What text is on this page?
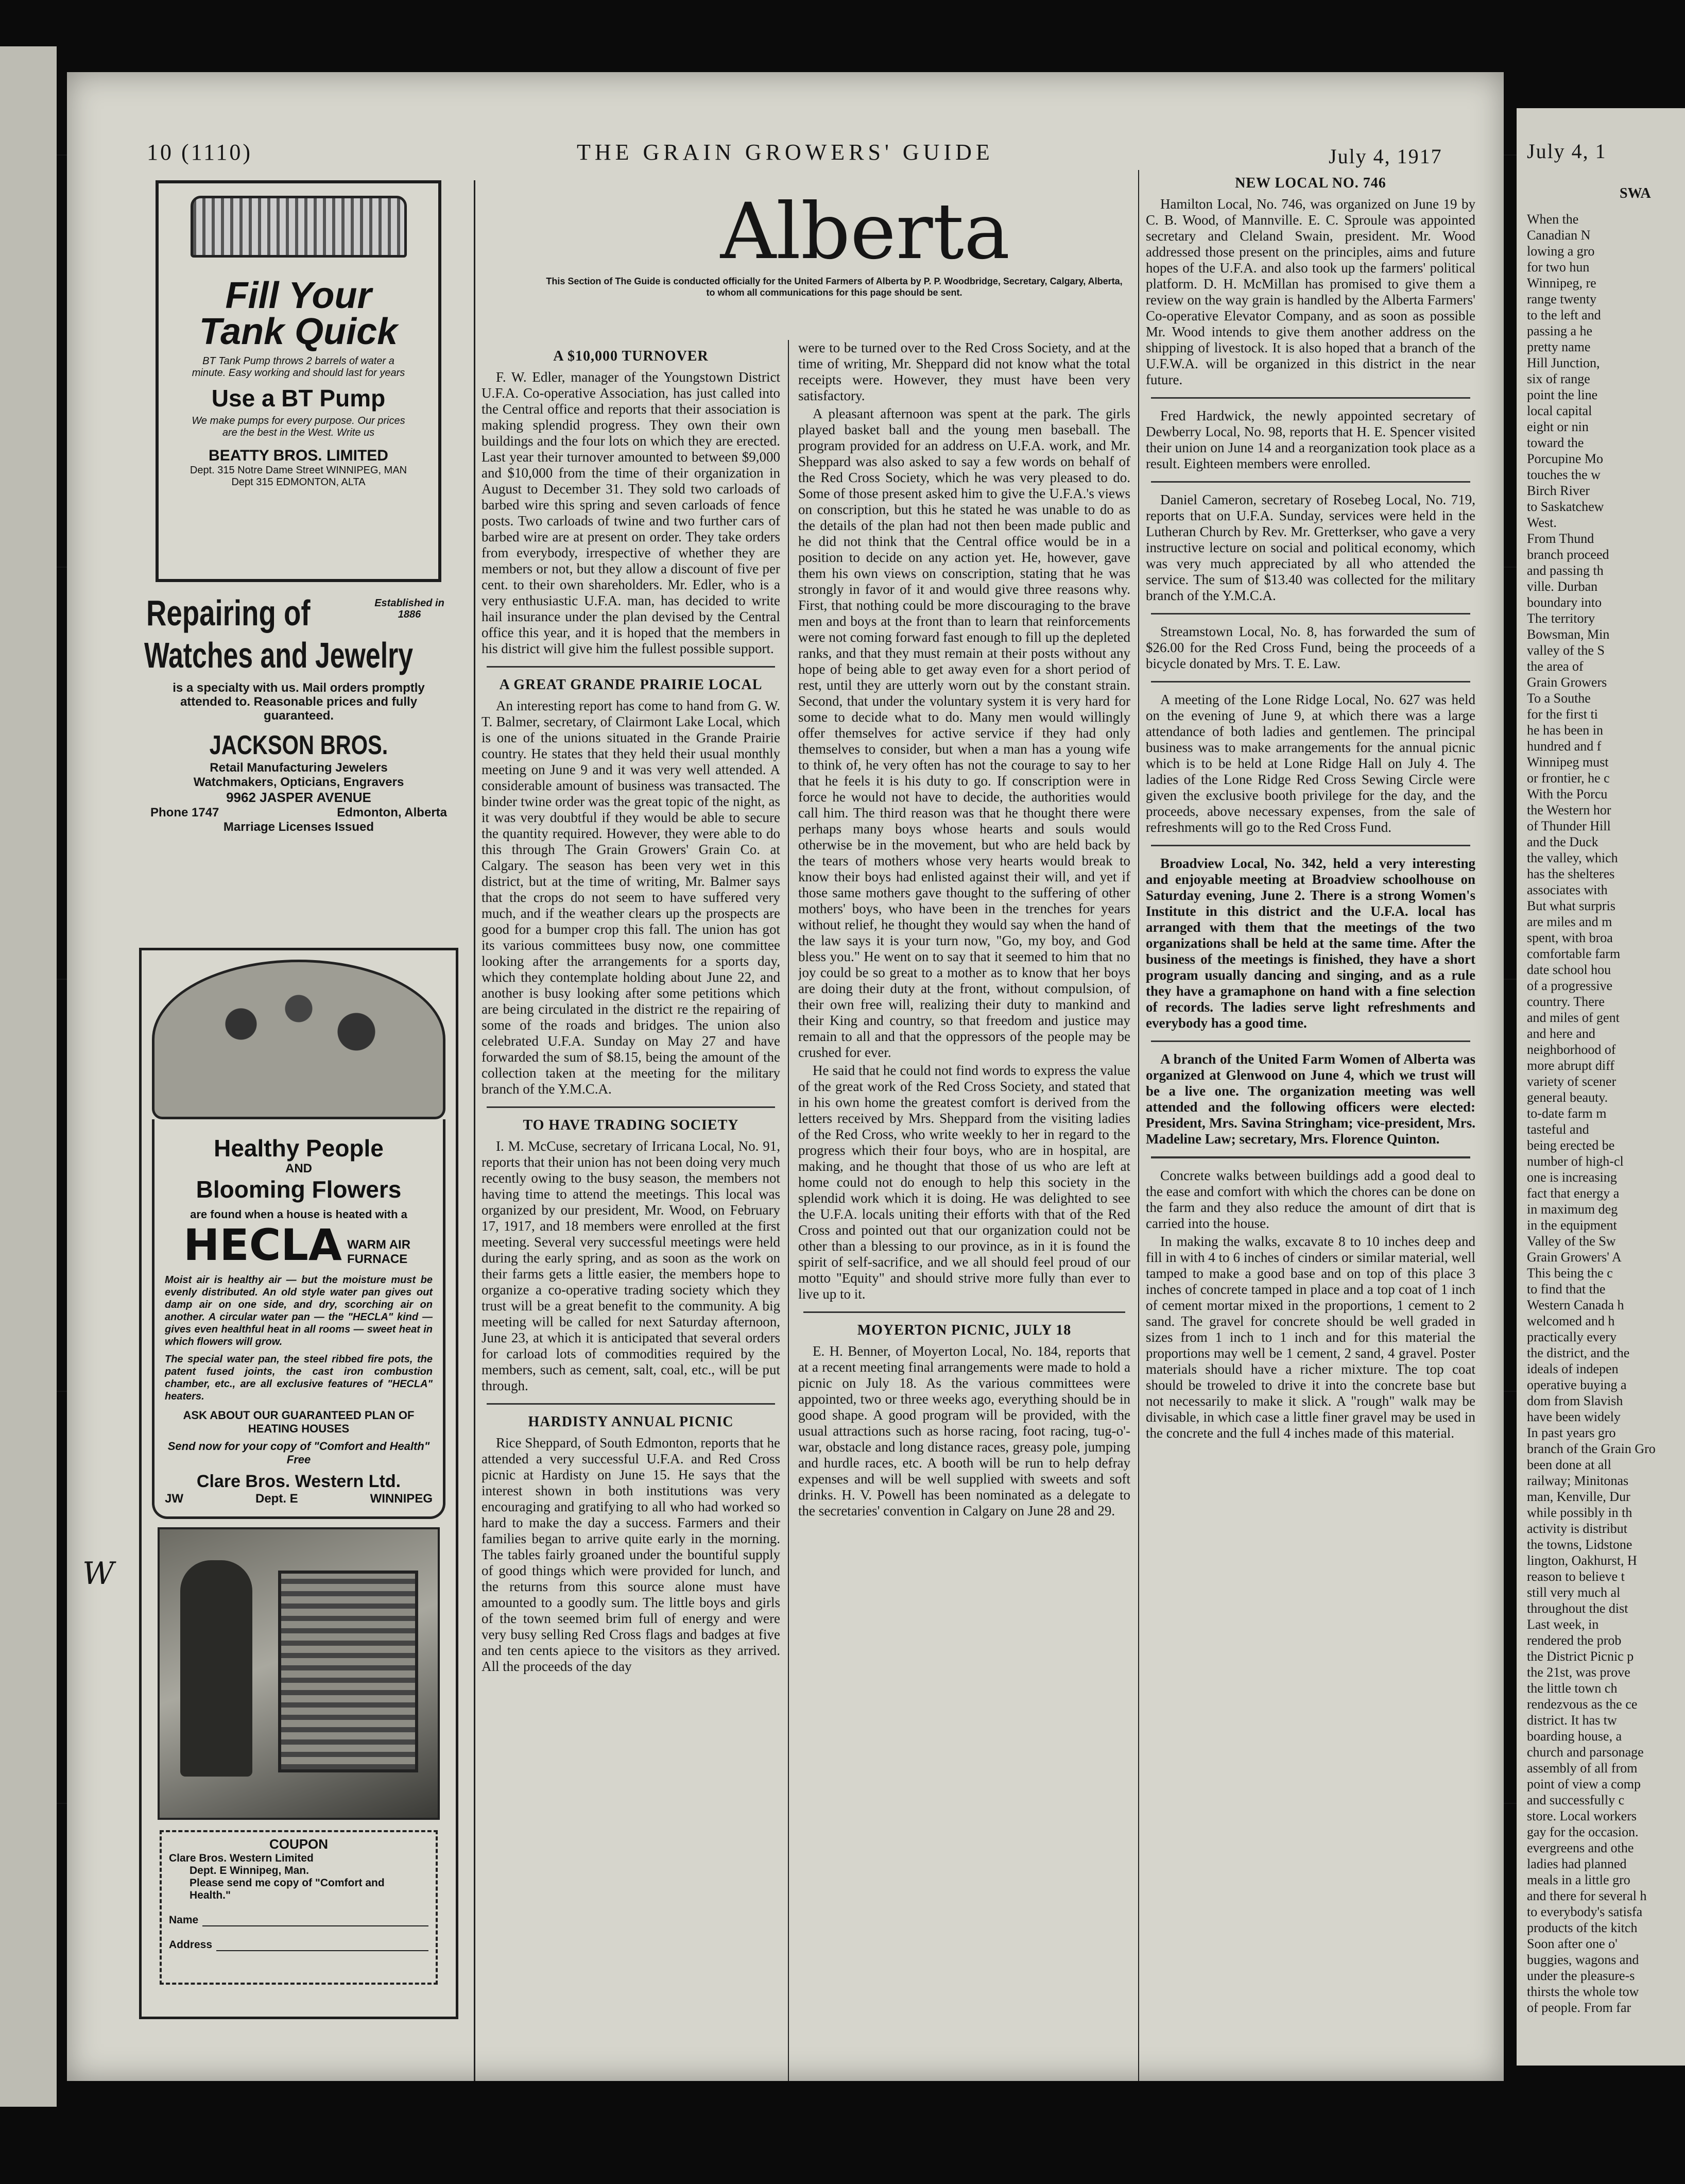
10 (1110)	THE GRAIN GROWERS' GUIDE	July 4, 1917
Alberta
This Section of The Guide is conducted officially for the United Farmers of Alberta by P. P. Woodbridge, Secretary, Calgary, Alberta, to whom all communications for this page should be sent.
Fill Your
Tank Quick
BT Tank Pump throws 2 barrels of water a minute. Easy working and should last for years
Use a BT Pump
We make pumps for every purpose. Our prices are the best in the West. Write us
BEATTY BROS. LIMITED
Dept. 315 Notre Dame Street WINNIPEG, MAN
Dept 315 EDMONTON, ALTA
Repairing of	Established in 1886
Watches and Jewelry
is a specialty with us. Mail orders promptly attended to. Reasonable prices and fully guaranteed.
JACKSON BROS.
Retail Manufacturing Jewelers
Watchmakers, Opticians, Engravers
9962 JASPER AVENUE
Phone 1747	Edmonton, Alberta
Marriage Licenses Issued
Healthy People
AND
Blooming Flowers
are found when a house is heated with a
HECLA WARM AIR FURNACE
Moist air is healthy air — but the moisture must be evenly distributed. An old style water pan gives out damp air on one side, and dry, scorching air on another. A circular water pan — the "HECLA" kind — gives even healthful heat in all rooms — sweet heat in which flowers will grow.
The special water pan, the steel ribbed fire pots, the patent fused joints, the cast iron combustion chamber, etc., are all exclusive features of "HECLA" heaters.
ASK ABOUT OUR GUARANTEED PLAN OF HEATING HOUSES
Send now for your copy of "Comfort and Health" Free
Clare Bros. Western Ltd.
JW	Dept. E	WINNIPEG
COUPON
Clare Bros. Western Limited
Dept. E Winnipeg, Man.
Please send me copy of "Comfort and Health."
Name
Address
W
A $10,000 TURNOVER

F. W. Edler, manager of the Youngstown District U.F.A. Co-operative Association, has just called into the Central office and reports that their association is making splendid progress. They own their own buildings and the four lots on which they are erected. Last year their turnover amounted to between $9,000 and $10,000 from the time of their organization in August to December 31. They sold two carloads of barbed wire this spring and seven carloads of fence posts. Two carloads of twine and two further cars of barbed wire are at present on order. They take orders from everybody, irrespective of whether they are members or not, but they allow a discount of five per cent. to their own shareholders. Mr. Edler, who is a very enthusiastic U.F.A. man, has decided to write hail insurance under the plan devised by the Central office this year, and it is hoped that the members in his district will give him the fullest possible support.

A GREAT GRANDE PRAIRIE LOCAL

An interesting report has come to hand from G. W. T. Balmer, secretary, of Clairmont Lake Local, which is one of the unions situated in the Grande Prairie country. He states that they held their usual monthly meeting on June 9 and it was very well attended. A considerable amount of business was transacted. The binder twine order was the great topic of the night, as it was very doubtful if they would be able to secure the quantity required. However, they were able to do this through The Grain Growers' Grain Co. at Calgary. The season has been very wet in this district, but at the time of writing, Mr. Balmer says that the crops do not seem to have suffered very much, and if the weather clears up the prospects are good for a bumper crop this fall. The union has got its various committees busy now, one committee looking after the arrangements for a sports day, which they contemplate holding about June 22, and another is busy looking after some petitions which are being circulated in the district re the repairing of some of the roads and bridges. The union also celebrated U.F.A. Sunday on May 27 and have forwarded the sum of $8.15, being the amount of the collection taken at the meeting for the military branch of the Y.M.C.A.

TO HAVE TRADING SOCIETY

I. M. McCuse, secretary of Irricana Local, No. 91, reports that their union has not been doing very much recently owing to the busy season, the members not having time to attend the meetings. This local was organized by our president, Mr. Wood, on February 17, 1917, and 18 members were enrolled at the first meeting. Several very successful meetings were held during the early spring, and as soon as the work on their farms gets a little easier, the members hope to organize a co-operative trading society which they trust will be a great benefit to the community. A big meeting will be called for next Saturday afternoon, June 23, at which it is anticipated that several orders for carload lots of commodities required by the members, such as cement, salt, coal, etc., will be put through.

HARDISTY ANNUAL PICNIC

Rice Sheppard, of South Edmonton, reports that he attended a very successful U.F.A. and Red Cross picnic at Hardisty on June 15. He says that the interest shown in both institutions was very encouraging and gratifying to all who had worked so hard to make the day a success. Farmers and their families began to arrive quite early in the morning. The tables fairly groaned under the bountiful supply of good things which were provided for lunch, and the returns from this source alone must have amounted to a goodly sum. The little boys and girls of the town seemed brim full of energy and were very busy selling Red Cross flags and badges at five and ten cents apiece to the visitors as they arrived. All the proceeds of the day

were to be turned over to the Red Cross Society, and at the time of writing, Mr. Sheppard did not know what the total receipts were. However, they must have been very satisfactory.

A pleasant afternoon was spent at the park. The girls played basket ball and the young men baseball. The program provided for an address on U.F.A. work, and Mr. Sheppard was also asked to say a few words on behalf of the Red Cross Society, which he was very pleased to do. Some of those present asked him to give the U.F.A.'s views on conscription, but this he stated he was unable to do as the details of the plan had not then been made public and he did not think that the Central office would be in a position to decide on any action yet. He, however, gave them his own views on conscription, stating that he was strongly in favor of it and would give three reasons why. First, that nothing could be more discouraging to the brave men and boys at the front than to learn that reinforcements were not coming forward fast enough to fill up the depleted ranks, and that they must remain at their posts without any hope of being able to get away even for a short period of rest, until they are utterly worn out by the constant strain. Second, that under the voluntary system it is very hard for some to decide what to do. Many men would willingly offer themselves for active service if they had only themselves to consider, but when a man has a young wife to think of, he very often has not the courage to say to her that he feels it is his duty to go. If conscription were in force he would not have to decide, the authorities would call him. The third reason was that he thought there were perhaps many boys whose hearts and souls would otherwise be in the movement, but who are held back by the tears of mothers whose very hearts would break to know their boys had enlisted against their will, and yet if those same mothers gave thought to the suffering of other mothers' boys, who have been in the trenches for years without relief, he thought they would say when the hand of the law says it is your turn now, "Go, my boy, and God bless you." He went on to say that it seemed to him that no joy could be so great to a mother as to know that her boys are doing their duty at the front, without compulsion, of their own free will, realizing their duty to mankind and their King and country, so that freedom and justice may remain to all and that the oppressors of the people may be crushed for ever.

He said that he could not find words to express the value of the great work of the Red Cross Society, and stated that in his own home the greatest comfort is derived from the letters received by Mrs. Sheppard from the visiting ladies of the Red Cross, who write weekly to her in regard to the progress which their four boys, who are in hospital, are making, and he thought that those of us who are left at home could not do enough to help this society in the splendid work which it is doing. He was delighted to see the U.F.A. locals uniting their efforts with that of the Red Cross and pointed out that our organization could not be other than a blessing to our province, as in it is found the spirit of self-sacrifice, and we all should feel proud of our motto "Equity" and should strive more fully than ever to live up to it.

MOYERTON PICNIC, JULY 18

E. H. Benner, of Moyerton Local, No. 184, reports that at a recent meeting final arrangements were made to hold a picnic on July 18. As the various committees were appointed, two or three weeks ago, everything should be in good shape. A good program will be provided, with the usual attractions such as horse racing, foot racing, tug-o'-war, obstacle and long distance races, greasy pole, jumping and hurdle races, etc. A booth will be run to help defray expenses and will be well supplied with sweets and soft drinks. H. V. Powell has been nominated as a delegate to the secretaries' convention in Calgary on June 28 and 29.

NEW LOCAL NO. 746

Hamilton Local, No. 746, was organized on June 19 by C. B. Wood, of Mannville. E. C. Sproule was appointed secretary and Cleland Swain, president. Mr. Wood addressed those present on the principles, aims and future hopes of the U.F.A. and also took up the farmers' political platform. D. H. McMillan has promised to give them a review on the way grain is handled by the Alberta Farmers' Co-operative Elevator Company, and as soon as possible Mr. Wood intends to give them another address on the shipping of livestock. It is also hoped that a branch of the U.F.W.A. will be organized in this district in the near future.

Fred Hardwick, the newly appointed secretary of Dewberry Local, No. 98, reports that H. E. Spencer visited their union on June 14 and a reorganization took place as a result. Eighteen members were enrolled.

Daniel Cameron, secretary of Rosebeg Local, No. 719, reports that on U.F.A. Sunday, services were held in the Lutheran Church by Rev. Mr. Gretterkser, who gave a very instructive lecture on social and political economy, which was very much appreciated by all who attended the service. The sum of $13.40 was collected for the military branch of the Y.M.C.A.

Streamstown Local, No. 8, has forwarded the sum of $26.00 for the Red Cross Fund, being the proceeds of a bicycle donated by Mrs. T. E. Law.

A meeting of the Lone Ridge Local, No. 627 was held on the evening of June 9, at which there was a large attendance of both ladies and gentlemen. The principal business was to make arrangements for the annual picnic which is to be held at Lone Ridge Hall on July 4. The ladies of the Lone Ridge Red Cross Sewing Circle were given the exclusive booth privilege for the day, and the proceeds, above necessary expenses, from the sale of refreshments will go to the Red Cross Fund.

Broadview Local, No. 342, held a very interesting and enjoyable meeting at Broadview schoolhouse on Saturday evening, June 2. There is a strong Women's Institute in this district and the U.F.A. local has arranged with them that the meetings of the two organizations shall be held at the same time. After the business of the meetings is finished, they have a short program usually dancing and singing, and as a rule they have a gramaphone on hand with a fine selection of records. The ladies serve light refreshments and everybody has a good time.

A branch of the United Farm Women of Alberta was organized at Glenwood on June 4, which we trust will be a live one. The organization meeting was well attended and the following officers were elected: President, Mrs. Savina Stringham; vice-president, Mrs. Madeline Law; secretary, Mrs. Florence Quinton.

Concrete walks between buildings add a good deal to the ease and comfort with which the chores can be done on the farm and they also reduce the amount of dirt that is carried into the house.

In making the walks, excavate 8 to 10 inches deep and fill in with 4 to 6 inches of cinders or similar material, well tamped to make a good base and on top of this place 3 inches of concrete tamped in place and a top coat of 1 inch of cement mortar mixed in the proportions, 1 cement to 2 sand. The gravel for concrete should be well graded in sizes from 1 inch to 1 inch and for this material the proportions may well be 1 cement, 2 sand, 4 gravel. Poster materials should have a richer mixture. The top coat should be troweled to drive it into the concrete base but not necessarily to make it slick. A "rough" walk may be divisable, in which case a little finer gravel may be used in the concrete and the full 4 inches made of this material.

July 4, 1
SWA
When the
Canadian N
lowing a gro
for two hun
Winnipeg, re
range twenty
to the left and
passing a he
pretty name
Hill Junction,
six of range
point the line
local capital
eight or nin
toward the
Porcupine Mo
touches the w
Birch River
to Saskatchew
West.
From Thund
branch proceed
and passing th
ville. Durban
boundary into
The territory
Bowsman, Min
valley of the S
the area of
Grain Growers
To a Southe
for the first ti
he has been in
hundred and f
Winnipeg must
or frontier, he c
With the Porcu
the Western hor
of Thunder Hill
and the Duck
the valley, which
has the shelteres
associates with
But what surpris
are miles and m
spent, with broa
comfortable farm
date school hou
of a progressive
country. There
and miles of gent
and here and
neighborhood of
more abrupt diff
variety of scener
general beauty.
to-date farm m
tasteful and
being erected be
number of high-cl
one is increasing
fact that energy a
in maximum deg
in the equipment
Valley of the Sw
Grain Growers' A
This being the c
to find that the
Western Canada h
welcomed and h
practically every
the district, and the
ideals of indepen
operative buying a
dom from Slavish
have been widely
In past years gro
branch of the Grain Gro
been done at all
railway; Minitonas
man, Kenville, Dur
while possibly in th
activity is distribut
the towns, Lidstone
lington, Oakhurst, H
reason to believe t
still very much al
throughout the dist
Last week, in
rendered the prob
the District Picnic p
the 21st, was prove
the little town ch
rendezvous as the ce
district. It has tw
boarding house, a
church and parsonage
assembly of all from
point of view a comp
and successfully c
store. Local workers
gay for the occasion.
evergreens and othe
ladies had planned
meals in a little gro
and there for several h
to everybody's satisfa
products of the kitch
Soon after one o'
buggies, wagons and
under the pleasure-s
thirsts the whole tow
of people. From far
